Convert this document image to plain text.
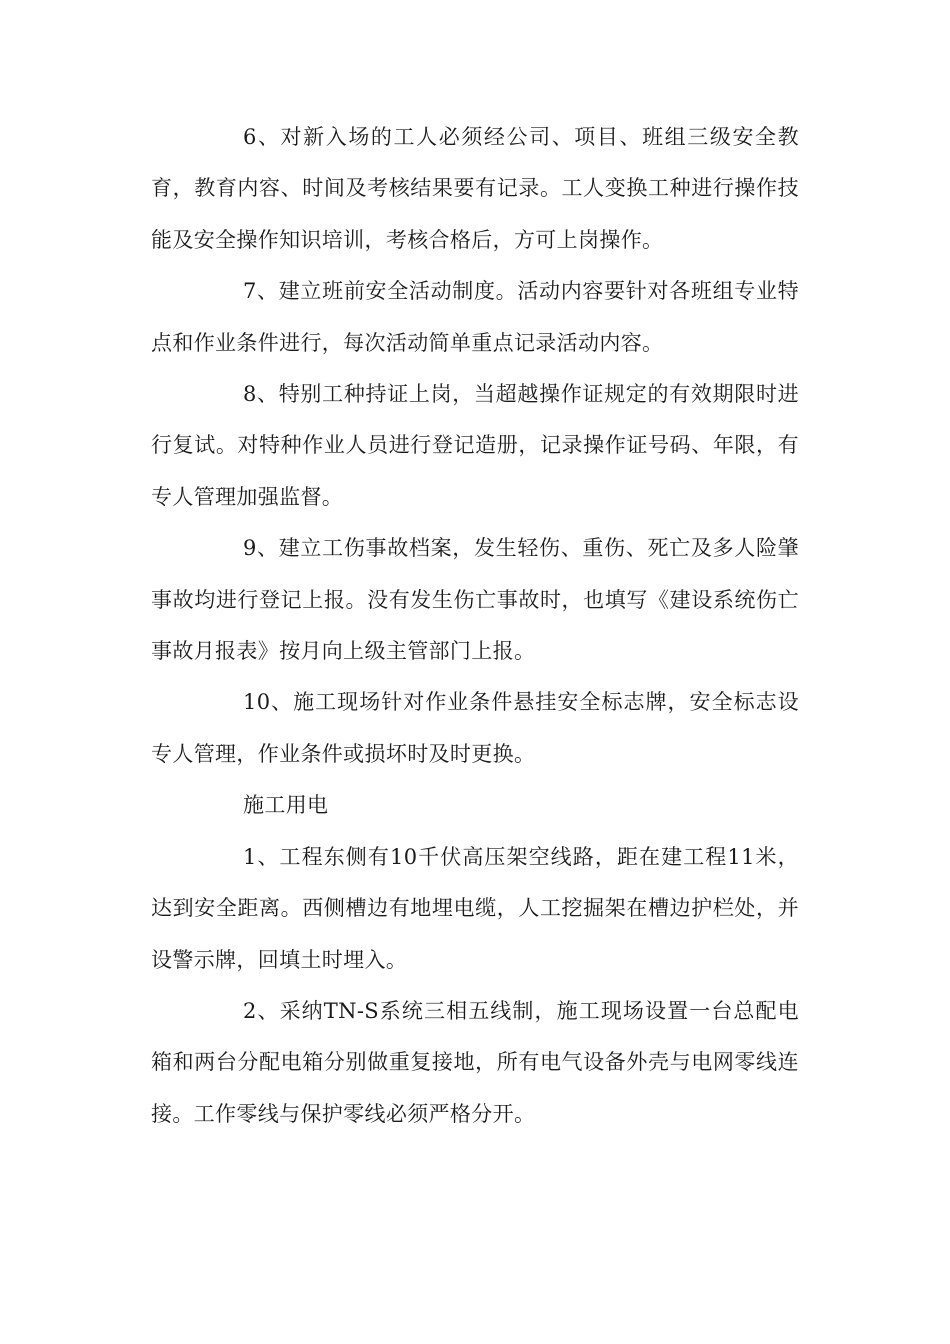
6、对新入场的工人必须经公司、项目、班组三级安全教育，教育内容、时间及考核结果要有记录。工人变换工种进行操作技能及安全操作知识培训，考核合格后，方可上岗操作。

7、建立班前安全活动制度。活动内容要针对各班组专业特点和作业条件进行，每次活动简单重点记录活动内容。

8、特别工种持证上岗，当超越操作证规定的有效期限时进行复试。对特种作业人员进行登记造册，记录操作证号码、年限，有专人管理加强监督。

9、建立工伤事故档案，发生轻伤、重伤、死亡及多人险肇事故均进行登记上报。没有发生伤亡事故时，也填写《建设系统伤亡事故月报表》按月向上级主管部门上报。

10、施工现场针对作业条件悬挂安全标志牌，安全标志设专人管理，作业条件或损坏时及时更换。

施工用电

1、工程东侧有10千伏高压架空线路，距在建工程11米，达到安全距离。西侧槽边有地埋电缆，人工挖掘架在槽边护栏处，并设警示牌，回填土时埋入。

2、采纳TN-S系统三相五线制，施工现场设置一台总配电箱和两台分配电箱分别做重复接地，所有电气设备外壳与电网零线连接。工作零线与保护零线必须严格分开。
